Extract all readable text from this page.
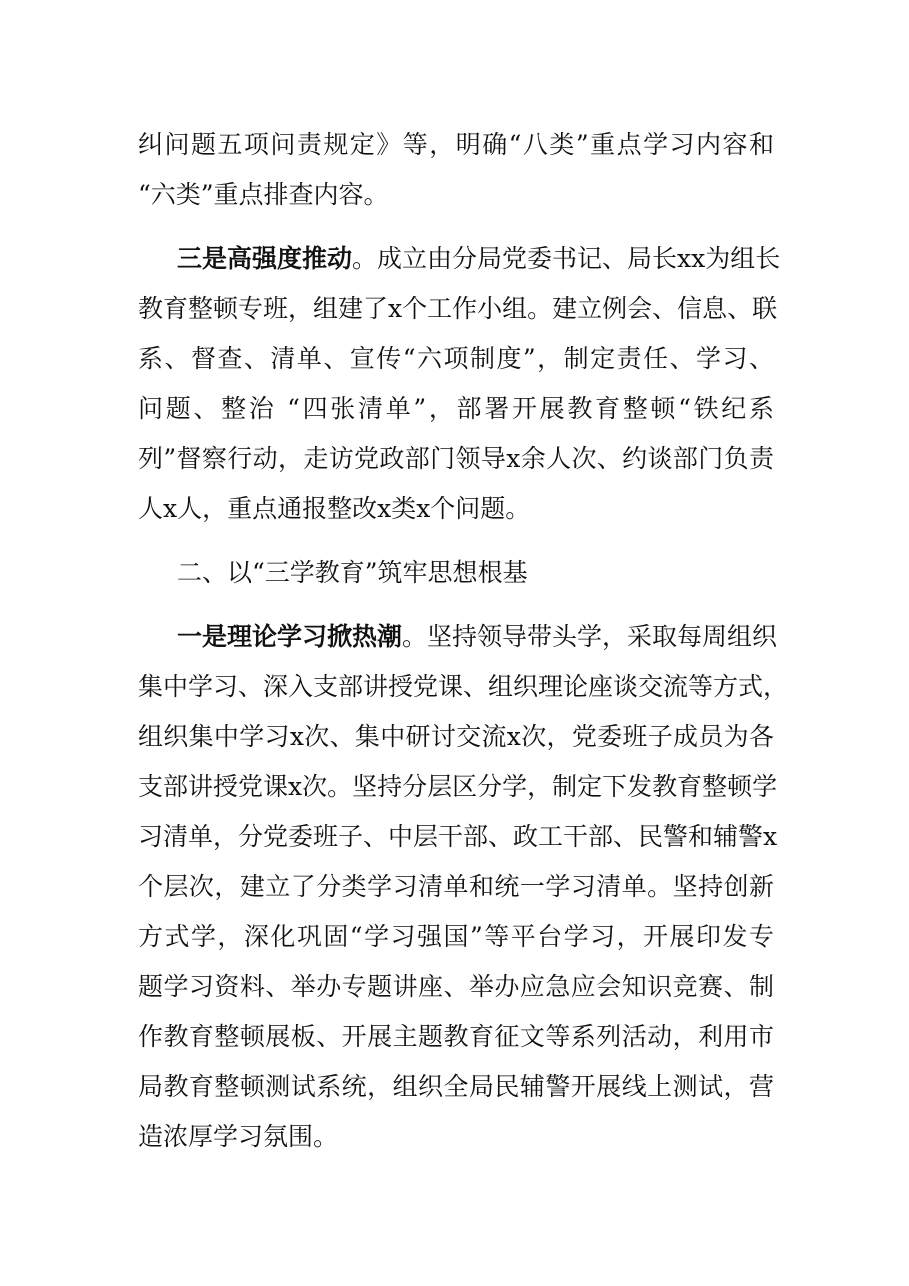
纠问题五项问责规定》等，明确“八类”重点学习内容和
“六类”重点排查内容。
三是高强度推动。成立由分局党委书记、局长xx为组长
教育整顿专班，组建了x个工作小组。建立例会、信息、联
系、督查、清单、宣传“六项制度”，制定责任、学习、
问题、整治 “四张清单”，部署开展教育整顿“铁纪系
列”督察行动，走访党政部门领导x余人次、约谈部门负责
人x人，重点通报整改x类x个问题。
二、以“三学教育”筑牢思想根基
一是理论学习掀热潮。坚持领导带头学，采取每周组织
集中学习、深入支部讲授党课、组织理论座谈交流等方式，
组织集中学习x次、集中研讨交流x次，党委班子成员为各
支部讲授党课x次。坚持分层区分学，制定下发教育整顿学
习清单，分党委班子、中层干部、政工干部、民警和辅警x
个层次，建立了分类学习清单和统一学习清单。坚持创新
方式学，深化巩固“学习强国”等平台学习，开展印发专
题学习资料、举办专题讲座、举办应急应会知识竞赛、制
作教育整顿展板、开展主题教育征文等系列活动，利用市
局教育整顿测试系统，组织全局民辅警开展线上测试，营
造浓厚学习氛围。
